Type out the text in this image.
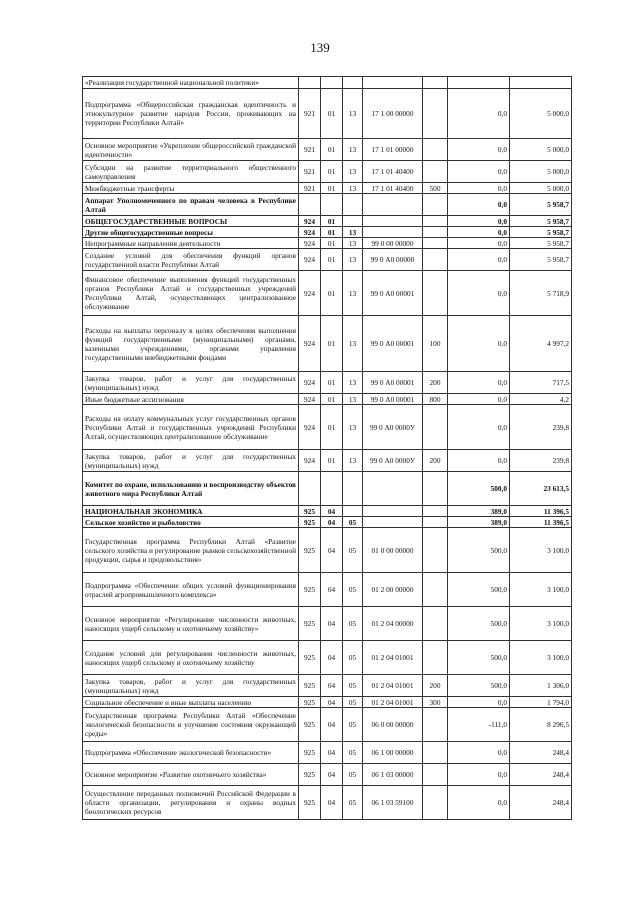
139
«Реализация государственной национальной политики»							
Подпрограмма «Общероссийская гражданская идентичность и этнокультурное развитие народов России, проживающих на территории Республики Алтай»	921	01	13	17 1 00 00000		0,0	5 000,0
Основное мероприятие «Укрепление общероссийской гражданской идентичности»	921	01	13	17 1 01 00000		0,0	5 000,0
Субсидии на развитие территориального общественного самоуправления	921	01	13	17 1 01 40400		0,0	5 000,0
Межбюджетные трансферты	921	01	13	17 1 01 40400	500	0,0	5 000,0
Аппарат Уполномоченного по правам человека в Республике Алтай						0,0	5 958,7
ОБЩЕГОСУДАРСТВЕННЫЕ ВОПРОСЫ	924	01				0,0	5 958,7
Другие общегосударственные вопросы	924	01	13			0,0	5 958,7
Непрограммные направления деятельности	924	01	13	99 0 00 00000		0,0	5 958,7
Создание условий для обеспечения функций органов государственной власти Республики Алтай	924	01	13	99 0 А0 00000		0,0	5 958,7
Финансовое обеспечение выполнения функций государственных органов Республики Алтай и государственных учреждений Республики Алтай, осуществляющих централизованное обслуживание	924	01	13	99 0 А0 00001		0,0	5 718,9
Расходы на выплаты персоналу в целях обеспечения выполнения функций государственными (муниципальными) органами, казенными учреждениями, органами управления государственными внебюджетными фондами	924	01	13	99 0 А0 00001	100	0,0	4 997,2
Закупка товаров, работ и услуг для государственных (муниципальных) нужд	924	01	13	99 0 А0 00001	200	0,0	717,5
Иные бюджетные ассигнования	924	01	13	99 0 А0 00001	800	0,0	4,2
Расходы на оплату коммунальных услуг государственных органов Республики Алтай и государственных учреждений Республики Алтай, осуществляющих централизованное обслуживание	924	01	13	99 0 А0 0000У		0,0	239,8
Закупка товаров, работ и услуг для государственных (муниципальных) нужд	924	01	13	99 0 А0 0000У	200	0,0	239,8
Комитет по охране, использованию и воспроизводству объектов животного мира Республики Алтай						500,0	23 613,5
НАЦИОНАЛЬНАЯ ЭКОНОМИКА	925	04				389,0	11 396,5
Сельское хозяйство и рыболовство	925	04	05			389,0	11 396,5
Государственная программа Республики Алтай «Развитие сельского хозяйства и регулирование рынков сельскохозяйственной продукции, сырья и продовольствия»	925	04	05	01 0 00 00000		500,0	3 100,0
Подпрограмма «Обеспечение общих условий функционирования отраслей агропромышленного комплекса»	925	04	05	01 2 00 00000		500,0	3 100,0
Основное мероприятие «Регулирование численности животных, наносящих ущерб сельскому и охотничьему хозяйству»	925	04	05	01 2 04 00000		500,0	3 100,0
Создание условий для регулирования численности животных, наносящих ущерб сельскому и охотничьему хозяйству	925	04	05	01 2 04 01001		500,0	3 100,0
Закупка товаров, работ и услуг для государственных (муниципальных) нужд	925	04	05	01 2 04 01001	200	500,0	1 306,0
Социальное обеспечение и иные выплаты населению	925	04	05	01 2 04 01001	300	0,0	1 794,0
Государственная программа Республики Алтай «Обеспечение экологической безопасности и улучшение состояния окружающей среды»	925	04	05	06 0 00 00000		-111,0	8 296,5
Подпрограмма «Обеспечение экологической безопасности»	925	04	05	06 1 00 00000		0,0	248,4
Основное мероприятие «Развитие охотничьего хозяйства»	925	04	05	06 1 03 00000		0,0	248,4
Осуществление переданных полномочий Российской Федерации в области организации, регулирования и охраны водных биологических ресурсов	925	04	05	06 1 03 59100		0,0	248,4
